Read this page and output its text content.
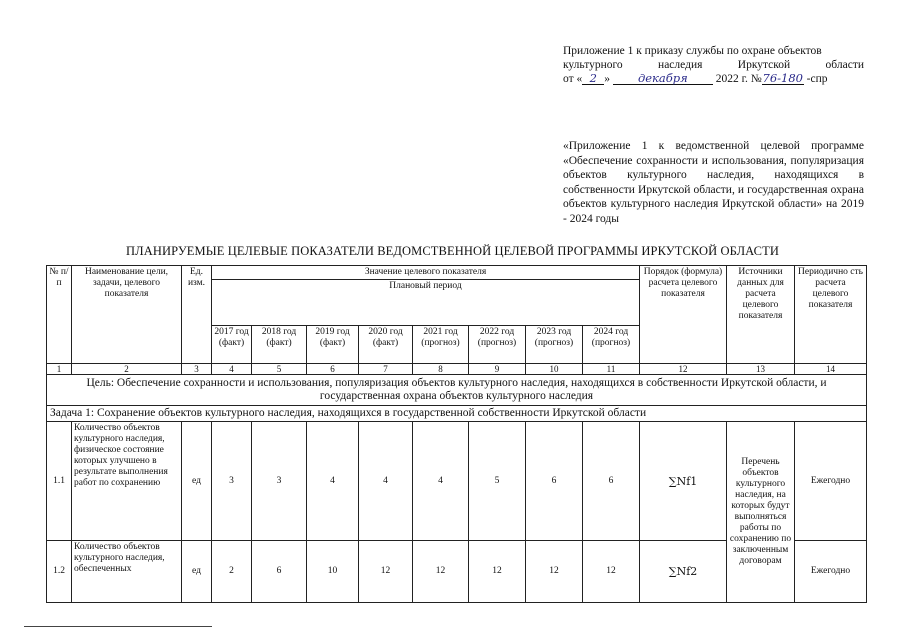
Приложение 1 к приказу службы по охране объектов
культурного наследия Иркутской области
от « 2 » декабря 2022 г. №76-180 -спр
«Приложение 1 к ведомственной целевой программе «Обеспечение сохранности и использования, популяризация объектов культурного наследия, находящихся в собственности Иркутской области, и государственная охрана объектов культурного наследия Иркутской области» на 2019 - 2024 годы
ПЛАНИРУЕМЫЕ ЦЕЛЕВЫЕ ПОКАЗАТЕЛИ ВЕДОМСТВЕННОЙ ЦЕЛЕВОЙ ПРОГРАММЫ ИРКУТСКОЙ ОБЛАСТИ
№ п/п	Наименование цели, задачи, целевого показателя	Ед. изм.	Значение целевого показателя								Порядок (формула) расчета целевого показателя	Источники данных для расчета целевого показателя	Периодично сть расчета целевого показателя
			Плановый период										
			2017 год (факт)	2018 год (факт)	2019 год (факт)	2020 год (факт)	2021 год (прогноз)	2022 год (прогноз)	2023 год (прогноз)	2024 год (прогноз)			
1	2	3	4	5	6	7	8	9	10	11	12	13	14
Цель: Обеспечение сохранности и использования, популяризация объектов культурного наследия, находящихся в собственности Иркутской области, и государственная охрана объектов культурного наследия													
Задача 1: Сохранение объектов культурного наследия, находящихся в государственной собственности Иркутской области													
1.1	Количество объектов культурного наследия, физическое состояние которых улучшено в результате выполнения работ по сохранению	ед	3	3	4	4	4	5	6	6	∑Nf1	Перечень объектов культурного наследия, на которых будут выполняться работы по сохранению по заключенным договорам	Ежегодно
1.2	Количество объектов культурного наследия, обеспеченных	ед	2	6	10	12	12	12	12	12	∑Nf2		Ежегодно
